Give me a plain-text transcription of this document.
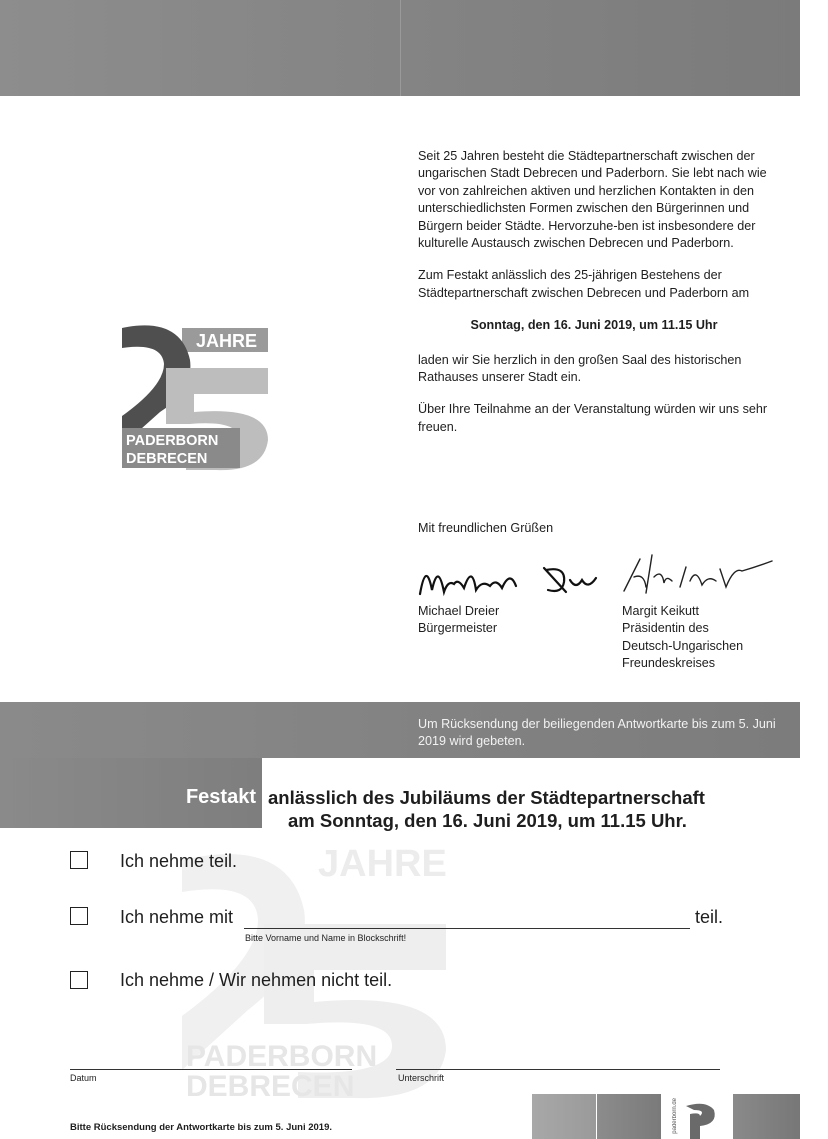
JAHRE
PADERBORN
DEBRECEN

Seit 25 Jahren besteht die Städtepartnerschaft zwischen der ungarischen Stadt Debrecen und Paderborn. Sie lebt nach wie vor von zahlreichen aktiven und herzlichen Kontakten in den unterschiedlichsten Formen zwischen den Bürgerinnen und Bürgern beider Städte. Hervorzuhe-ben ist insbesondere der kulturelle Austausch zwischen Debrecen und Paderborn.

Zum Festakt anlässlich des 25-jährigen Bestehens der Städtepartnerschaft zwischen Debrecen und Paderborn am

Sonntag, den 16. Juni 2019, um 11.15 Uhr

laden wir Sie herzlich in den großen Saal des historischen Rathauses unserer Stadt ein.

Über Ihre Teilnahme an der Veranstaltung würden wir uns sehr freuen.

Mit freundlichen Grüßen
Michael Dreier
Bürgermeister
Margit Keikutt
Präsidentin des
Deutsch-Ungarischen
Freundeskreises
Um Rücksendung der beiliegenden Antwortkarte bis zum 5. Juni 2019 wird gebeten.
JAHRE
PADERBORN
DEBRECEN
Festakt anlässlich des Jubiläums der Städtepartnerschaft
am Sonntag, den 16. Juni 2019, um 11.15 Uhr.
Ich nehme teil.
Ich nehme mit	teil.
Bitte Vorname und Name in Blockschrift!
Ich nehme / Wir nehmen nicht teil.
Datum	Unterschrift
Bitte Rücksendung der Antwortkarte bis zum 5. Juni 2019.	paderborn.de
